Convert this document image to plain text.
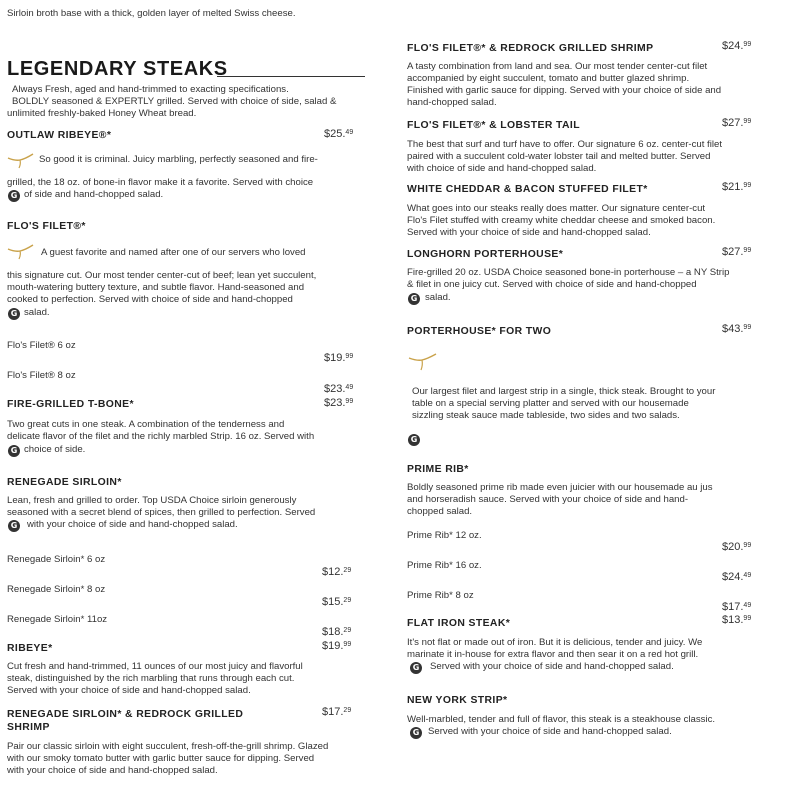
Sirloin broth base with a thick, golden layer of melted Swiss cheese.
LEGENDARY STEAKS
Always Fresh, aged and hand-trimmed to exacting specifications.
BOLDLY seasoned & EXPERTLY grilled. Served with choice of side, salad &
unlimited freshly-baked Honey Wheat bread.
OUTLAW RIBEYE®*	$25.49
So good it is criminal. Juicy marbling, perfectly seasoned and fire-
grilled, the 18 oz. of bone-in flavor make it a favorite. Served with choice
G of side and hand-chopped salad.
FLO'S FILET®*
A guest favorite and named after one of our servers who loved
this signature cut. Our most tender center-cut of beef; lean yet succulent,
mouth-watering buttery texture, and subtle flavor. Hand-seasoned and
cooked to perfection. Served with choice of side and hand-chopped
G salad.
Flo's Filet® 6 oz
$19.99
Flo's Filet® 8 oz
$23.49
FIRE-GRILLED T-BONE*	$23.99
Two great cuts in one steak. A combination of the tenderness and
delicate flavor of the filet and the richly marbled Strip. 16 oz. Served with
G choice of side.
RENEGADE SIRLOIN*
Lean, fresh and grilled to order. Top USDA Choice sirloin generously
seasoned with a secret blend of spices, then grilled to perfection. Served
G with your choice of side and hand-chopped salad.
Renegade Sirloin* 6 oz
$12.29
Renegade Sirloin* 8 oz
$15.29
Renegade Sirloin* 11oz
$18.29
RIBEYE*	$19.99
Cut fresh and hand-trimmed, 11 ounces of our most juicy and flavorful
steak, distinguished by the rich marbling that runs through each cut.
Served with your choice of side and hand-chopped salad.
RENEGADE SIRLOIN* & REDROCK GRILLED
SHRIMP
$17.29
Pair our classic sirloin with eight succulent, fresh-off-the-grill shrimp. Glazed
with our smoky tomato butter with garlic butter sauce for dipping. Served
with your choice of side and hand-chopped salad.
FLO'S FILET®* & REDROCK GRILLED SHRIMP	$24.99
A tasty combination from land and sea. Our most tender center-cut filet
accompanied by eight succulent, tomato and butter glazed shrimp.
Finished with garlic sauce for dipping. Served with your choice of side and
hand-chopped salad.
FLO'S FILET®* & LOBSTER TAIL	$27.99
The best that surf and turf have to offer. Our signature 6 oz. center-cut filet
paired with a succulent cold-water lobster tail and melted butter. Served
with choice of side and hand-chopped salad.
WHITE CHEDDAR & BACON STUFFED FILET*	$21.99
What goes into our steaks really does matter. Our signature center-cut
Flo's Filet stuffed with creamy white cheddar cheese and smoked bacon.
Served with your choice of side and hand-chopped salad.
LONGHORN PORTERHOUSE*	$27.99
Fire-grilled 20 oz. USDA Choice seasoned bone-in porterhouse – a NY Strip
& filet in one juicy cut. Served with choice of side and hand-chopped
G salad.
PORTERHOUSE* FOR TWO	$43.99
Our largest filet and largest strip in a single, thick steak. Brought to your
table on a special serving platter and served with our housemade
sizzling steak sauce made tableside, two sides and two salads.
G
PRIME RIB*
Boldly seasoned prime rib made even juicier with our housemade au jus
and horseradish sauce. Served with your choice of side and hand-
chopped salad.
Prime Rib* 12 oz.
$20.99
Prime Rib* 16 oz.
$24.49
Prime Rib* 8 oz
$17.49
FLAT IRON STEAK*	$13.99
It's not flat or made out of iron. But it is delicious, tender and juicy. We
marinate it in-house for extra flavor and then sear it on a red hot grill.
G Served with your choice of side and hand-chopped salad.
NEW YORK STRIP*
Well-marbled, tender and full of flavor, this steak is a steakhouse classic.
G Served with your choice of side and hand-chopped salad.
